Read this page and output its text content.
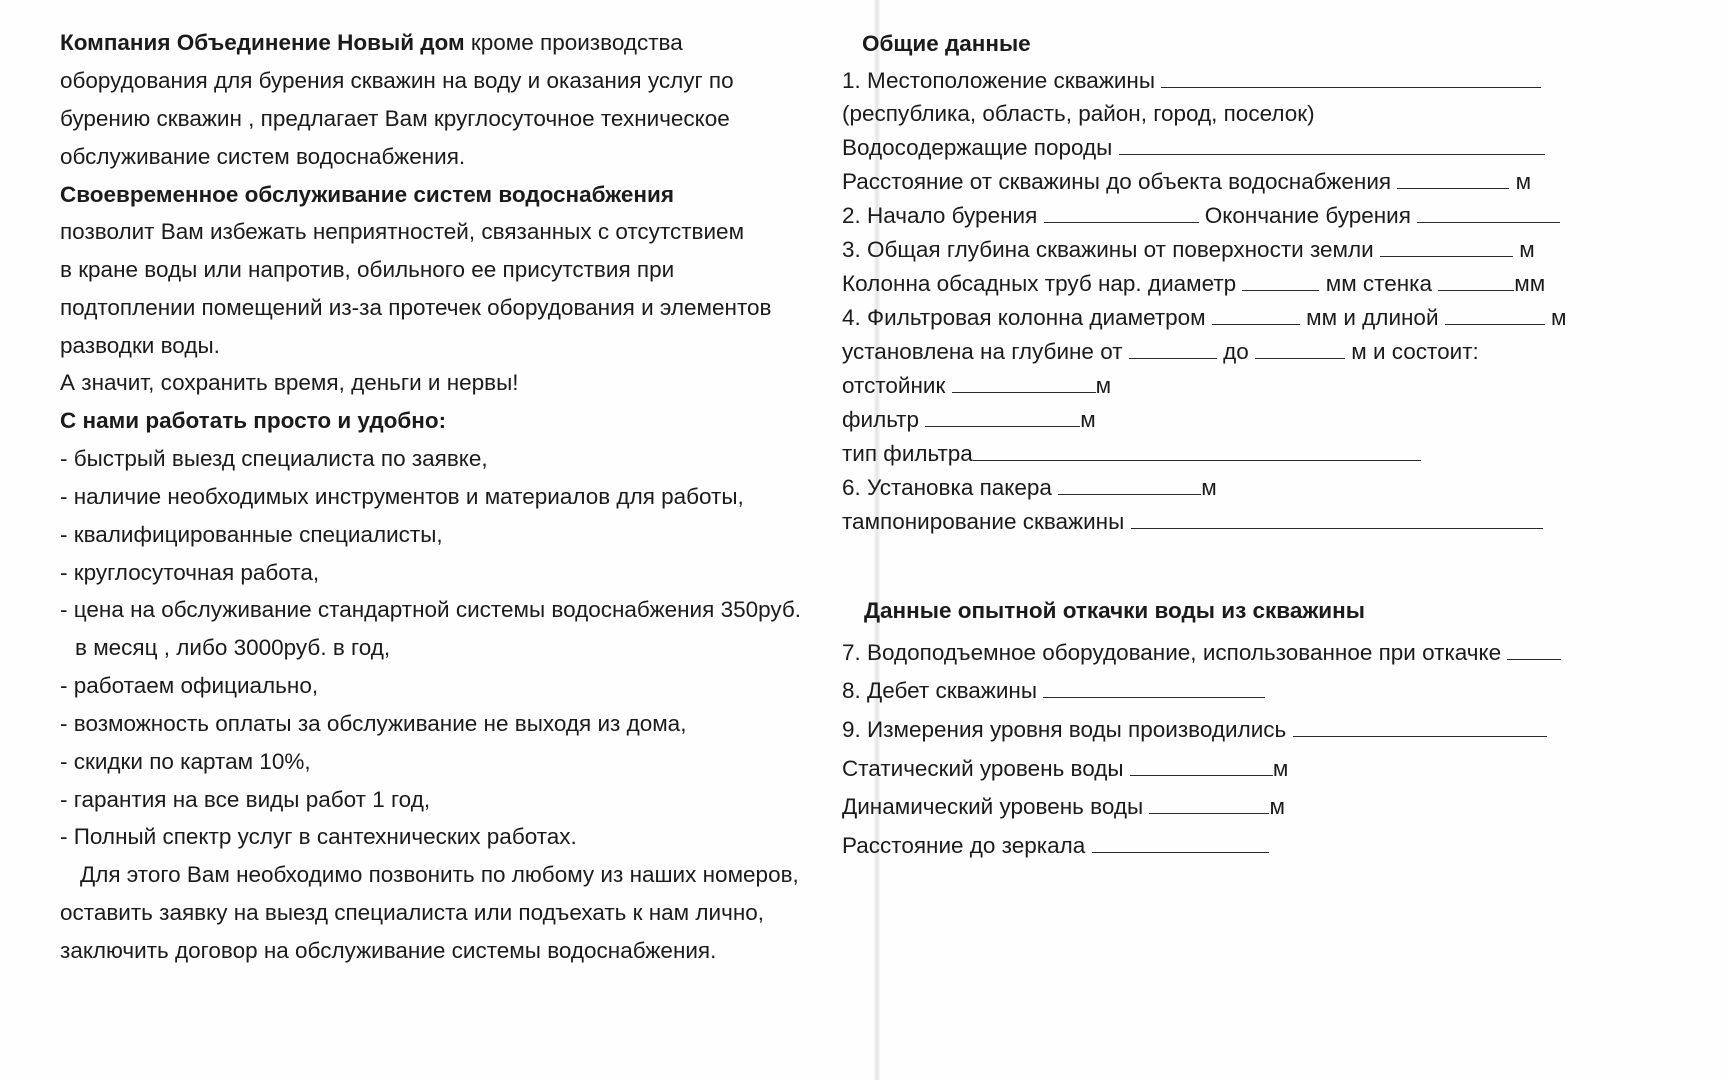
Компания Объединение Новый дом кроме производства
оборудования для бурения скважин на воду и оказания услуг по
бурению скважин , предлагает Вам круглосуточное техническое
обслуживание систем водоснабжения.
Своевременное обслуживание систем водоснабжения
позволит Вам избежать неприятностей, связанных с отсутствием
в кране воды или напротив, обильного ее присутствия при
подтоплении помещений из-за протечек оборудования и элементов
разводки воды.
А значит, сохранить время, деньги и нервы!
С нами работать просто и удобно:
- быстрый выезд специалиста по заявке,
- наличие необходимых инструментов и материалов для работы,
- квалифицированные специалисты,
- круглосуточная работа,
- цена на обслуживание стандартной системы водоснабжения 350руб.
в месяц , либо 3000руб. в год,
- работаем официально,
- возможность оплаты за обслуживание не выходя из дома,
- скидки по картам 10%,
- гарантия на все виды работ 1 год,
- Полный спектр услуг в сантехнических работах.
Для этого Вам необходимо позвонить по любому из наших номеров,
оставить заявку на выезд специалиста или подъехать к нам лично,
заключить договор на обслуживание системы водоснабжения.
Общие данные
1. Местоположение скважины
(республика, область, район, город, поселок)
Водосодержащие породы
Расстояние от скважины до объекта водоснабжения	м
2. Начало бурения	Окончание бурения
3. Общая глубина скважины от поверхности земли	м
Колонна обсадных труб нар. диаметр	мм стенка	мм
4. Фильтровая колонна диаметром	мм и длиной	м
установлена на глубине от	до	м и состоит:
отстойник	м
фильтр	м
тип фильтра
6. Установка пакера	м
тампонирование скважины
Данные опытной откачки воды из скважины
7. Водоподъемное оборудование, использованное при откачке
8. Дебет скважины
9. Измерения уровня воды производились
Статический уровень воды	м
Динамический уровень воды	м
Расстояние до зеркала
